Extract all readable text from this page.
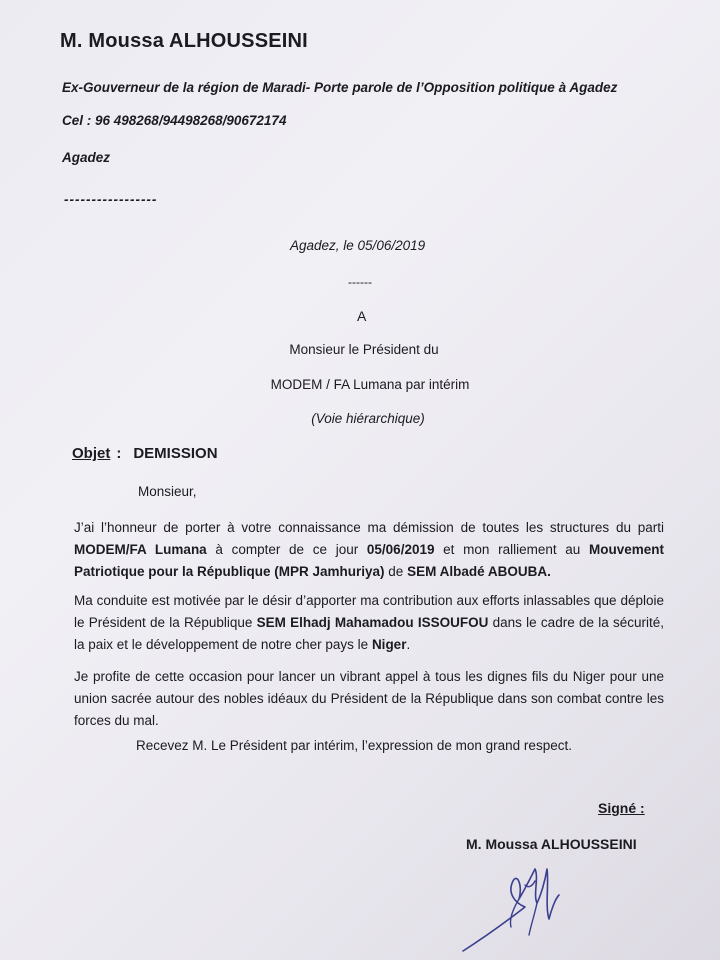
M. Moussa ALHOUSSEINI
Ex-Gouverneur de la région de Maradi- Porte parole de l’Opposition politique à Agadez
Cel : 96 498268/94498268/90672174
Agadez
-----------------
Agadez, le 05/06/2019
------
A
Monsieur le Président du
MODEM / FA Lumana par intérim
(Voie hiérarchique)
Objet : DEMISSION
Monsieur,
J’ai l’honneur de porter à votre connaissance ma démission de toutes les structures du parti MODEM/FA Lumana à compter de ce jour 05/06/2019 et mon ralliement au Mouvement Patriotique pour la République (MPR Jamhuriya) de SEM Albadé ABOUBA.
Ma conduite est motivée par le désir d’apporter ma contribution aux efforts inlassables que déploie le Président de la République SEM Elhadj Mahamadou ISSOUFOU dans le cadre de la sécurité, la paix et le développement de notre cher pays le Niger.
Je profite de cette occasion pour lancer un vibrant appel à tous les dignes fils du Niger pour une union sacrée autour des nobles idéaux du Président de la République dans son combat contre les forces du mal.
Recevez M. Le Président par intérim, l’expression de mon grand respect.
Signé :
M. Moussa ALHOUSSEINI
